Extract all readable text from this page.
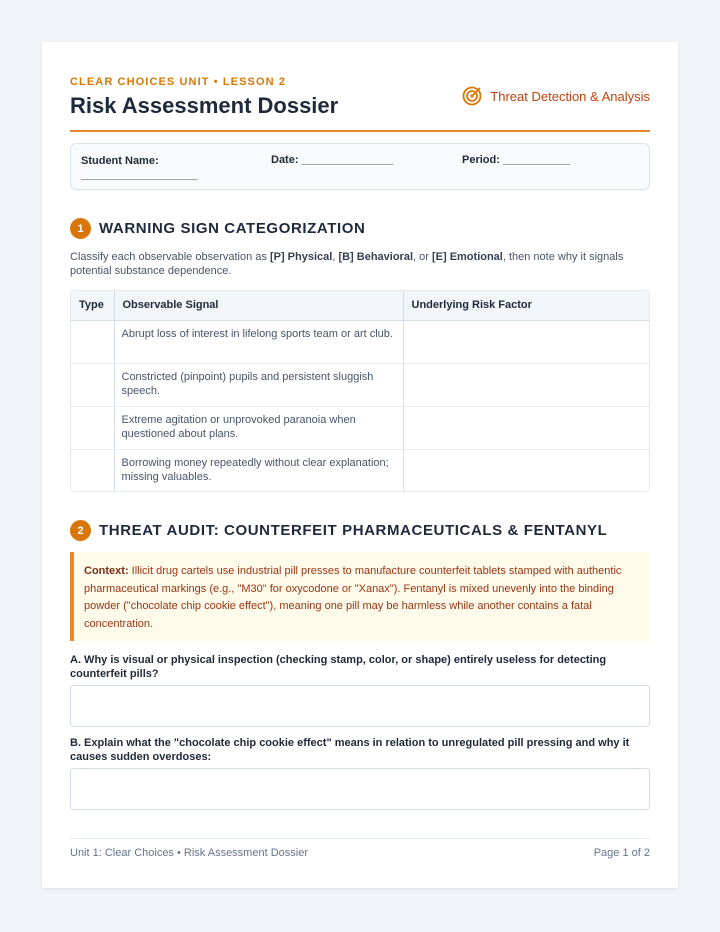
CLEAR CHOICES UNIT • LESSON 2
Risk Assessment Dossier	Threat Detection & Analysis
Student Name: ___________________
Date: _______________	Period: ___________
1	WARNING SIGN CATEGORIZATION
Classify each observable observation as [P] Physical, [B] Behavioral, or [E] Emotional, then note why it signals potential substance dependence.
Type	Observable Signal	Underlying Risk Factor
	Abrupt loss of interest in lifelong sports team or art club.	
	Constricted (pinpoint) pupils and persistent sluggish speech.	
	Extreme agitation or unprovoked paranoia when questioned about plans.	
	Borrowing money repeatedly without clear explanation; missing valuables.	
2	THREAT AUDIT: COUNTERFEIT PHARMACEUTICALS & FENTANYL
Context: Illicit drug cartels use industrial pill presses to manufacture counterfeit tablets stamped with authentic pharmaceutical markings (e.g., "M30" for oxycodone or "Xanax"). Fentanyl is mixed unevenly into the binding powder ("chocolate chip cookie effect"), meaning one pill may be harmless while another contains a fatal concentration.
A. Why is visual or physical inspection (checking stamp, color, or shape) entirely useless for detecting counterfeit pills?
B. Explain what the "chocolate chip cookie effect" means in relation to unregulated pill pressing and why it causes sudden overdoses:
Unit 1: Clear Choices • Risk Assessment Dossier	Page 1 of 2
